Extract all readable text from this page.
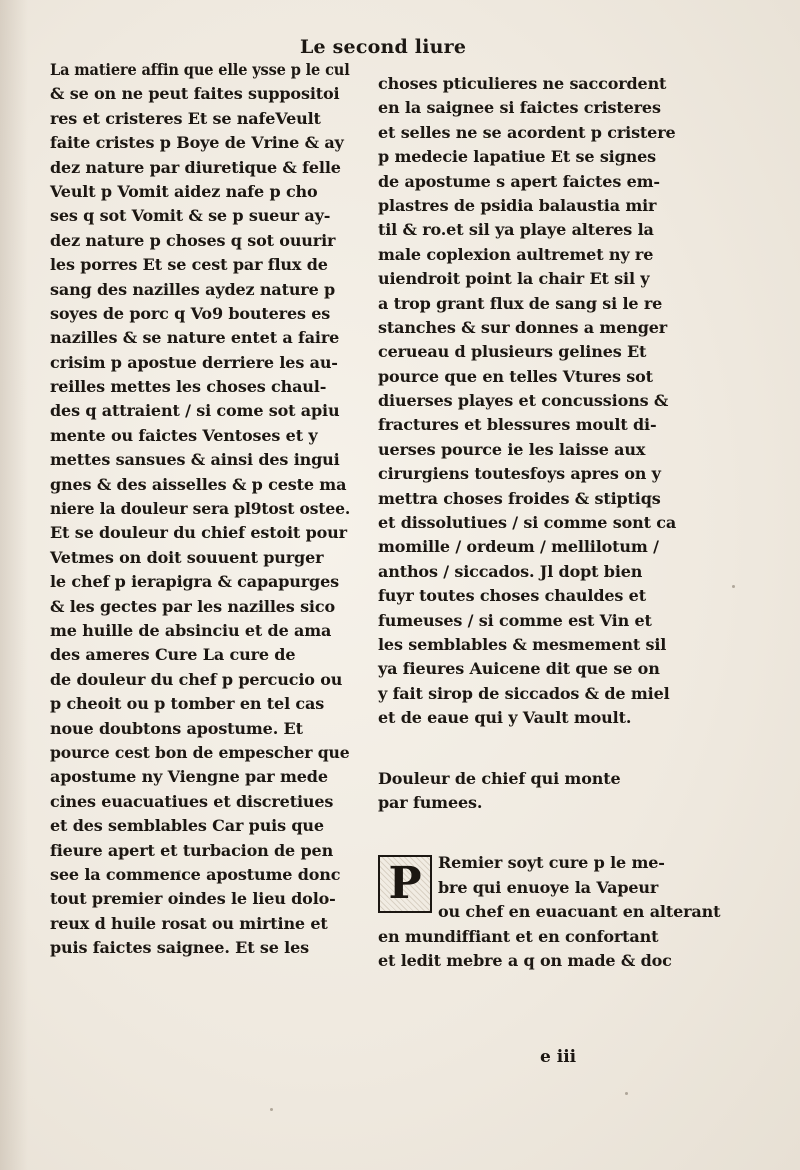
Le second liure
La matiere affin que elle ysse p le cul
& se on ne peut faites suppositoi
res et cristeres Et se nafeVeult
faite cristes p Boye de Vrine & ay
dez nature par diuretique & felle
Veult p Vomit aidez nafe p cho
ses q sot Vomit & se p sueur ay-
dez nature p choses q sot ouurir
les porres Et se cest par flux de
sang des nazilles aydez nature p
soyes de porc q Vo9 bouteres es
nazilles & se nature entet a faire
crisim p apostue derriere les au-
reilles mettes les choses chaul-
des q attraient / si come sot apiu
mente ou faictes Ventoses et y
mettes sansues & ainsi des ingui
gnes & des aisselles & p ceste ma
niere la douleur sera pl9tost ostee.
Et se douleur du chief estoit pour
Vetmes on doit souuent purger
le chef p ierapigra & capapurges
& les gectes par les nazilles sico
me huille de absinciu et de ama
des ameres Cure La cure de
de douleur du chef p percucio ou
p cheoit ou p tomber en tel cas
noue doubtons apostume. Et
pource cest bon de empescher que
apostume ny Viengne par mede
cines euacuatiues et discretiues
et des semblables Car puis que
fieure apert et turbacion de pen
see la commence apostume donc
tout premier oindes le lieu dolo-
reux d huile rosat ou mirtine et
puis faictes saignee. Et se les
choses pticulieres ne saccordent
en la saignee si faictes cristeres
et selles ne se acordent p cristere
p medecie lapatiue Et se signes
de apostume s apert faictes em-
plastres de psidia balaustia mir
til & ro.et sil ya playe alteres la
male coplexion aultremet ny re
uiendroit point la chair Et sil y
a trop grant flux de sang si le re
stanches & sur donnes a menger
cerueau d plusieurs gelines Et
pource que en telles Vtures sot
diuerses playes et concussions &
fractures et blessures moult di-
uerses pource ie les laisse aux
cirurgiens toutesfoys apres on y
mettra choses froides & stiptiqs
et dissolutiues / si comme sont ca
momille / ordeum / mellilotum /
anthos / siccados. Jl dopt bien
fuyr toutes choses chauldes et
fumeuses / si comme est Vin et
les semblables & mesmement sil
ya fieures Auicene dit que se on
y fait sirop de siccados & de miel
et de eaue qui y Vault moult.
Douleur de chief qui monte
par fumees.
P	Remier soyt cure p le me-
bre qui enuoye la Vapeur
ou chef en euacuant en alterant
en mundiffiant et en confortant
et ledit mebre a q on made & doc
e iii
